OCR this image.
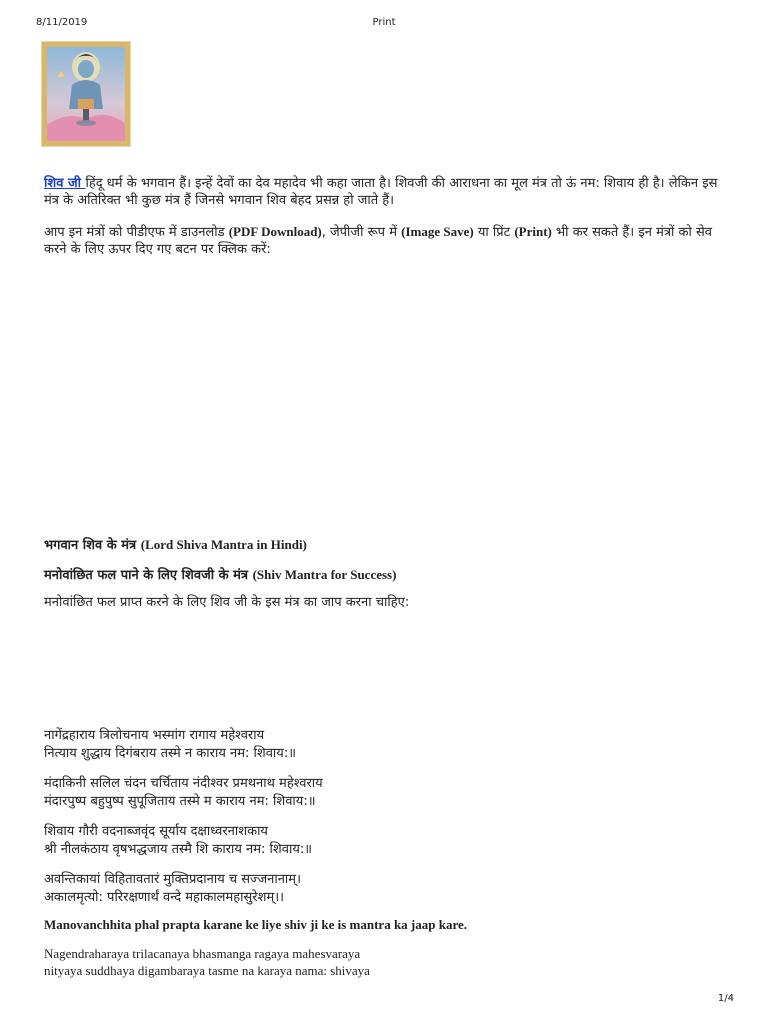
8/11/2019	Print
शिव जी हिंदू धर्म के भगवान हैं। इन्हें देवों का देव महादेव भी कहा जाता है। शिवजी की आराधना का मूल मंत्र तो ऊं नम: शिवाय ही है। लेकिन इस मंत्र के अतिरिक्त भी कुछ मंत्र हैं जिनसे भगवान शिव बेहद प्रसन्न हो जाते हैं।
आप इन मंत्रों को पीडीएफ में डाउनलोड (PDF Download), जेपीजी रूप में (Image Save) या प्रिंट (Print) भी कर सकते हैं। इन मंत्रों को सेव करने के लिए ऊपर दिए गए बटन पर क्लिक करें:
भगवान शिव के मंत्र (Lord Shiva Mantra in Hindi)
मनोवांछित फल पाने के लिए शिवजी के मंत्र (Shiv Mantra for Success)
मनोवांछित फल प्राप्त करने के लिए शिव जी के इस मंत्र का जाप करना चाहिए:
नागेंद्रहाराय त्रिलोचनाय भस्मांग रागाय महेश्वराय
नित्याय शुद्धाय दिगंबराय तस्मे न काराय नम: शिवाय:॥
मंदाकिनी सलिल चंदन चर्चिताय नंदीश्वर प्रमथनाथ महेश्वराय
मंदारपुष्प बहुपुष्प सुपूजिताय तस्मे म काराय नम: शिवाय:॥
शिवाय गौरी वदनाब्जवृंद सूर्याय दक्षाध्वरनाशकाय
श्री नीलकंठाय वृषभद्धजाय तस्मै शि काराय नम: शिवाय:॥
अवन्तिकायां विहितावतारं मुक्तिप्रदानाय च सज्जनानाम्।
अकालमृत्यो: परिरक्षणार्थं वन्दे महाकालमहासुरेशम्।।
Manovanchhita phal prapta karane ke liye shiv ji ke is mantra ka jaap kare.
Nagendraharaya trilacanaya bhasmanga ragaya mahesvaraya
nityaya suddhaya digambaraya tasme na karaya nama: shivaya
1/4
